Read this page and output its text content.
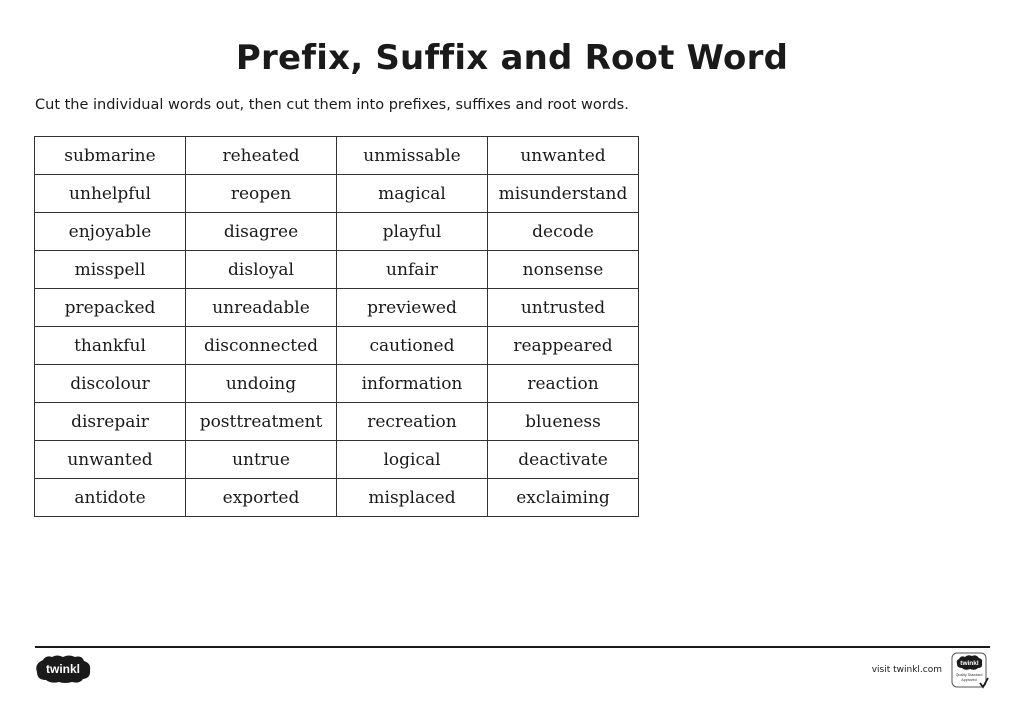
Prefix, Suffix and Root Word

Cut the individual words out, then cut them into prefixes, suffixes and root words.

submarine	reheated	unmissable	unwanted
unhelpful	reopen	magical	misunderstand
enjoyable	disagree	playful	decode
misspell	disloyal	unfair	nonsense
prepacked	unreadable	previewed	untrusted
thankful	disconnected	cautioned	reappeared
discolour	undoing	information	reaction
disrepair	posttreatment	recreation	blueness
unwanted	untrue	logical	deactivate
antidote	exported	misplaced	exclaiming
twinkl	visit twinkl.com
twinkl
Quality Standard
Approved
